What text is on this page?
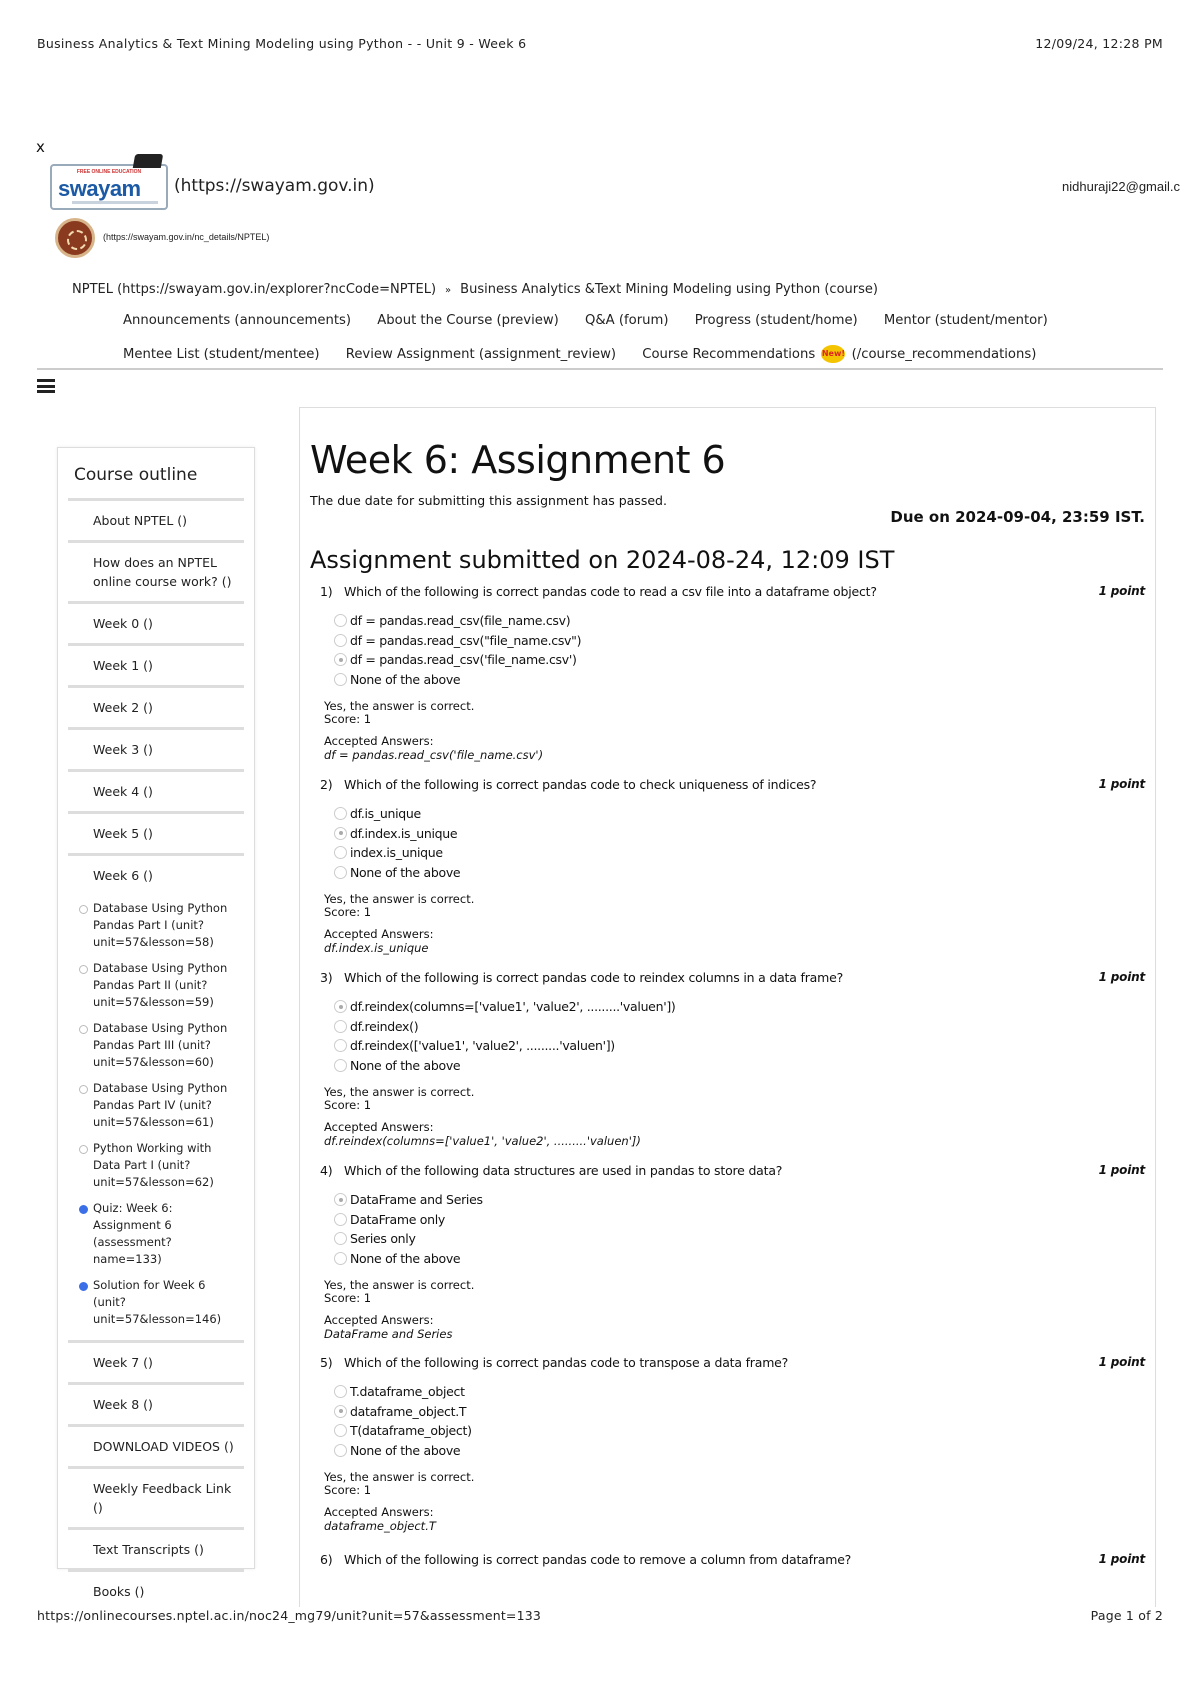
Business Analytics & Text Mining Modeling using Python - - Unit 9 - Week 6	12/09/24, 12:28 PM
x
FREE ONLINE EDUCATION
swayam (https://swayam.gov.in)	nidhuraji22@gmail.c
(https://swayam.gov.in/nc_details/NPTEL)
NPTEL (https://swayam.gov.in/explorer?ncCode=NPTEL) » Business Analytics &Text Mining Modeling using Python (course)
Announcements (announcements) About the Course (preview) Q&A (forum) Progress (student/home) Mentor (student/mentor)
Mentee List (student/mentee) Review Assignment (assignment_review) Course Recommendations New! (/course_recommendations)
Course outline
About NPTEL ()
How does an NPTEL online course work? ()
Week 0 ()
Week 1 ()
Week 2 ()
Week 3 ()
Week 4 ()
Week 5 ()
Week 6 ()
Database Using Python Pandas Part I (unit?unit=57&lesson=58)
Database Using Python Pandas Part II (unit?unit=57&lesson=59)
Database Using Python Pandas Part III (unit?unit=57&lesson=60)
Database Using Python Pandas Part IV (unit?unit=57&lesson=61)
Python Working with Data Part I (unit?unit=57&lesson=62)
Quiz: Week 6: Assignment 6 (assessment?name=133)
Solution for Week 6 (unit?unit=57&lesson=146)
Week 7 ()
Week 8 ()
DOWNLOAD VIDEOS ()
Weekly Feedback Link ()
Text Transcripts ()
Books ()
Week 6: Assignment 6
The due date for submitting this assignment has passed.
Due on 2024-09-04, 23:59 IST.
Assignment submitted on 2024-08-24, 12:09 IST
1) Which of the following is correct pandas code to read a csv file into a dataframe object?	1 point
df = pandas.read_csv(file_name.csv)
df = pandas.read_csv("file_name.csv")
df = pandas.read_csv('file_name.csv')
None of the above
Yes, the answer is correct.
Score: 1
Accepted Answers:
df = pandas.read_csv('file_name.csv')
2) Which of the following is correct pandas code to check uniqueness of indices?	1 point
df.is_unique
df.index.is_unique
index.is_unique
None of the above
Yes, the answer is correct.
Score: 1
Accepted Answers:
df.index.is_unique
3) Which of the following is correct pandas code to reindex columns in a data frame?	1 point
df.reindex(columns=['value1', 'value2', .........'valuen'])
df.reindex()
df.reindex(['value1', 'value2', .........'valuen'])
None of the above
Yes, the answer is correct.
Score: 1
Accepted Answers:
df.reindex(columns=['value1', 'value2', .........'valuen'])
4) Which of the following data structures are used in pandas to store data?	1 point
DataFrame and Series
DataFrame only
Series only
None of the above
Yes, the answer is correct.
Score: 1
Accepted Answers:
DataFrame and Series
5) Which of the following is correct pandas code to transpose a data frame?	1 point
T.dataframe_object
dataframe_object.T
T(dataframe_object)
None of the above
Yes, the answer is correct.
Score: 1
Accepted Answers:
dataframe_object.T
6) Which of the following is correct pandas code to remove a column from dataframe?	1 point
https://onlinecourses.nptel.ac.in/noc24_mg79/unit?unit=57&assessment=133	Page 1 of 2
